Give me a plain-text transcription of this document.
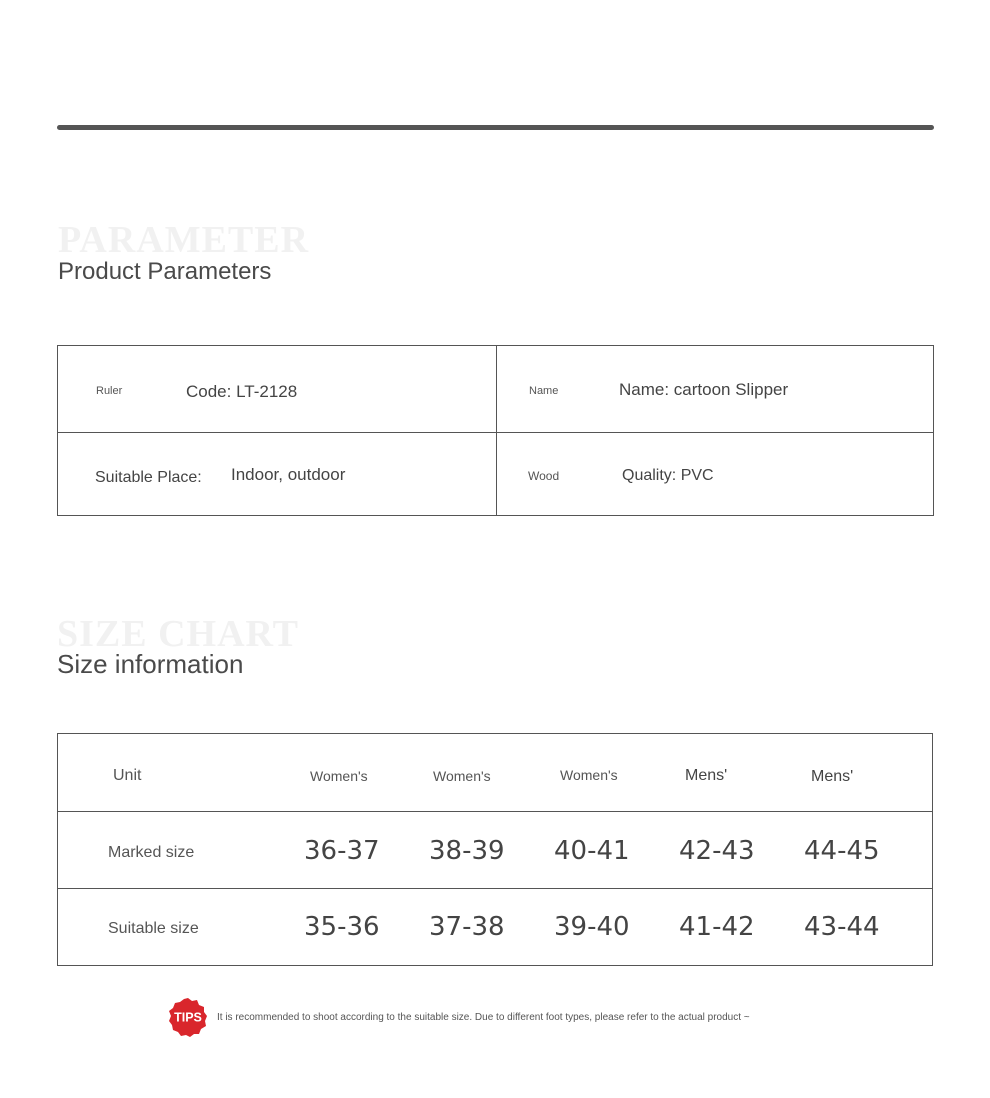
PARAMETER
Product Parameters
Ruler	Code: LT-2128	Name	Name: cartoon Slipper
Suitable Place: Indoor, outdoor	Wood	Quality: PVC
SIZE CHART
Size information
Unit	Women's	Women's	Women's	Mens'	Mens'
Marked size	36-37 38-39 40-41 42-43 44-45
Suitable size	35-36 37-38 39-40 41-42 43-44
TIPS It is recommended to shoot according to the suitable size. Due to different foot types, please refer to the actual product ~
